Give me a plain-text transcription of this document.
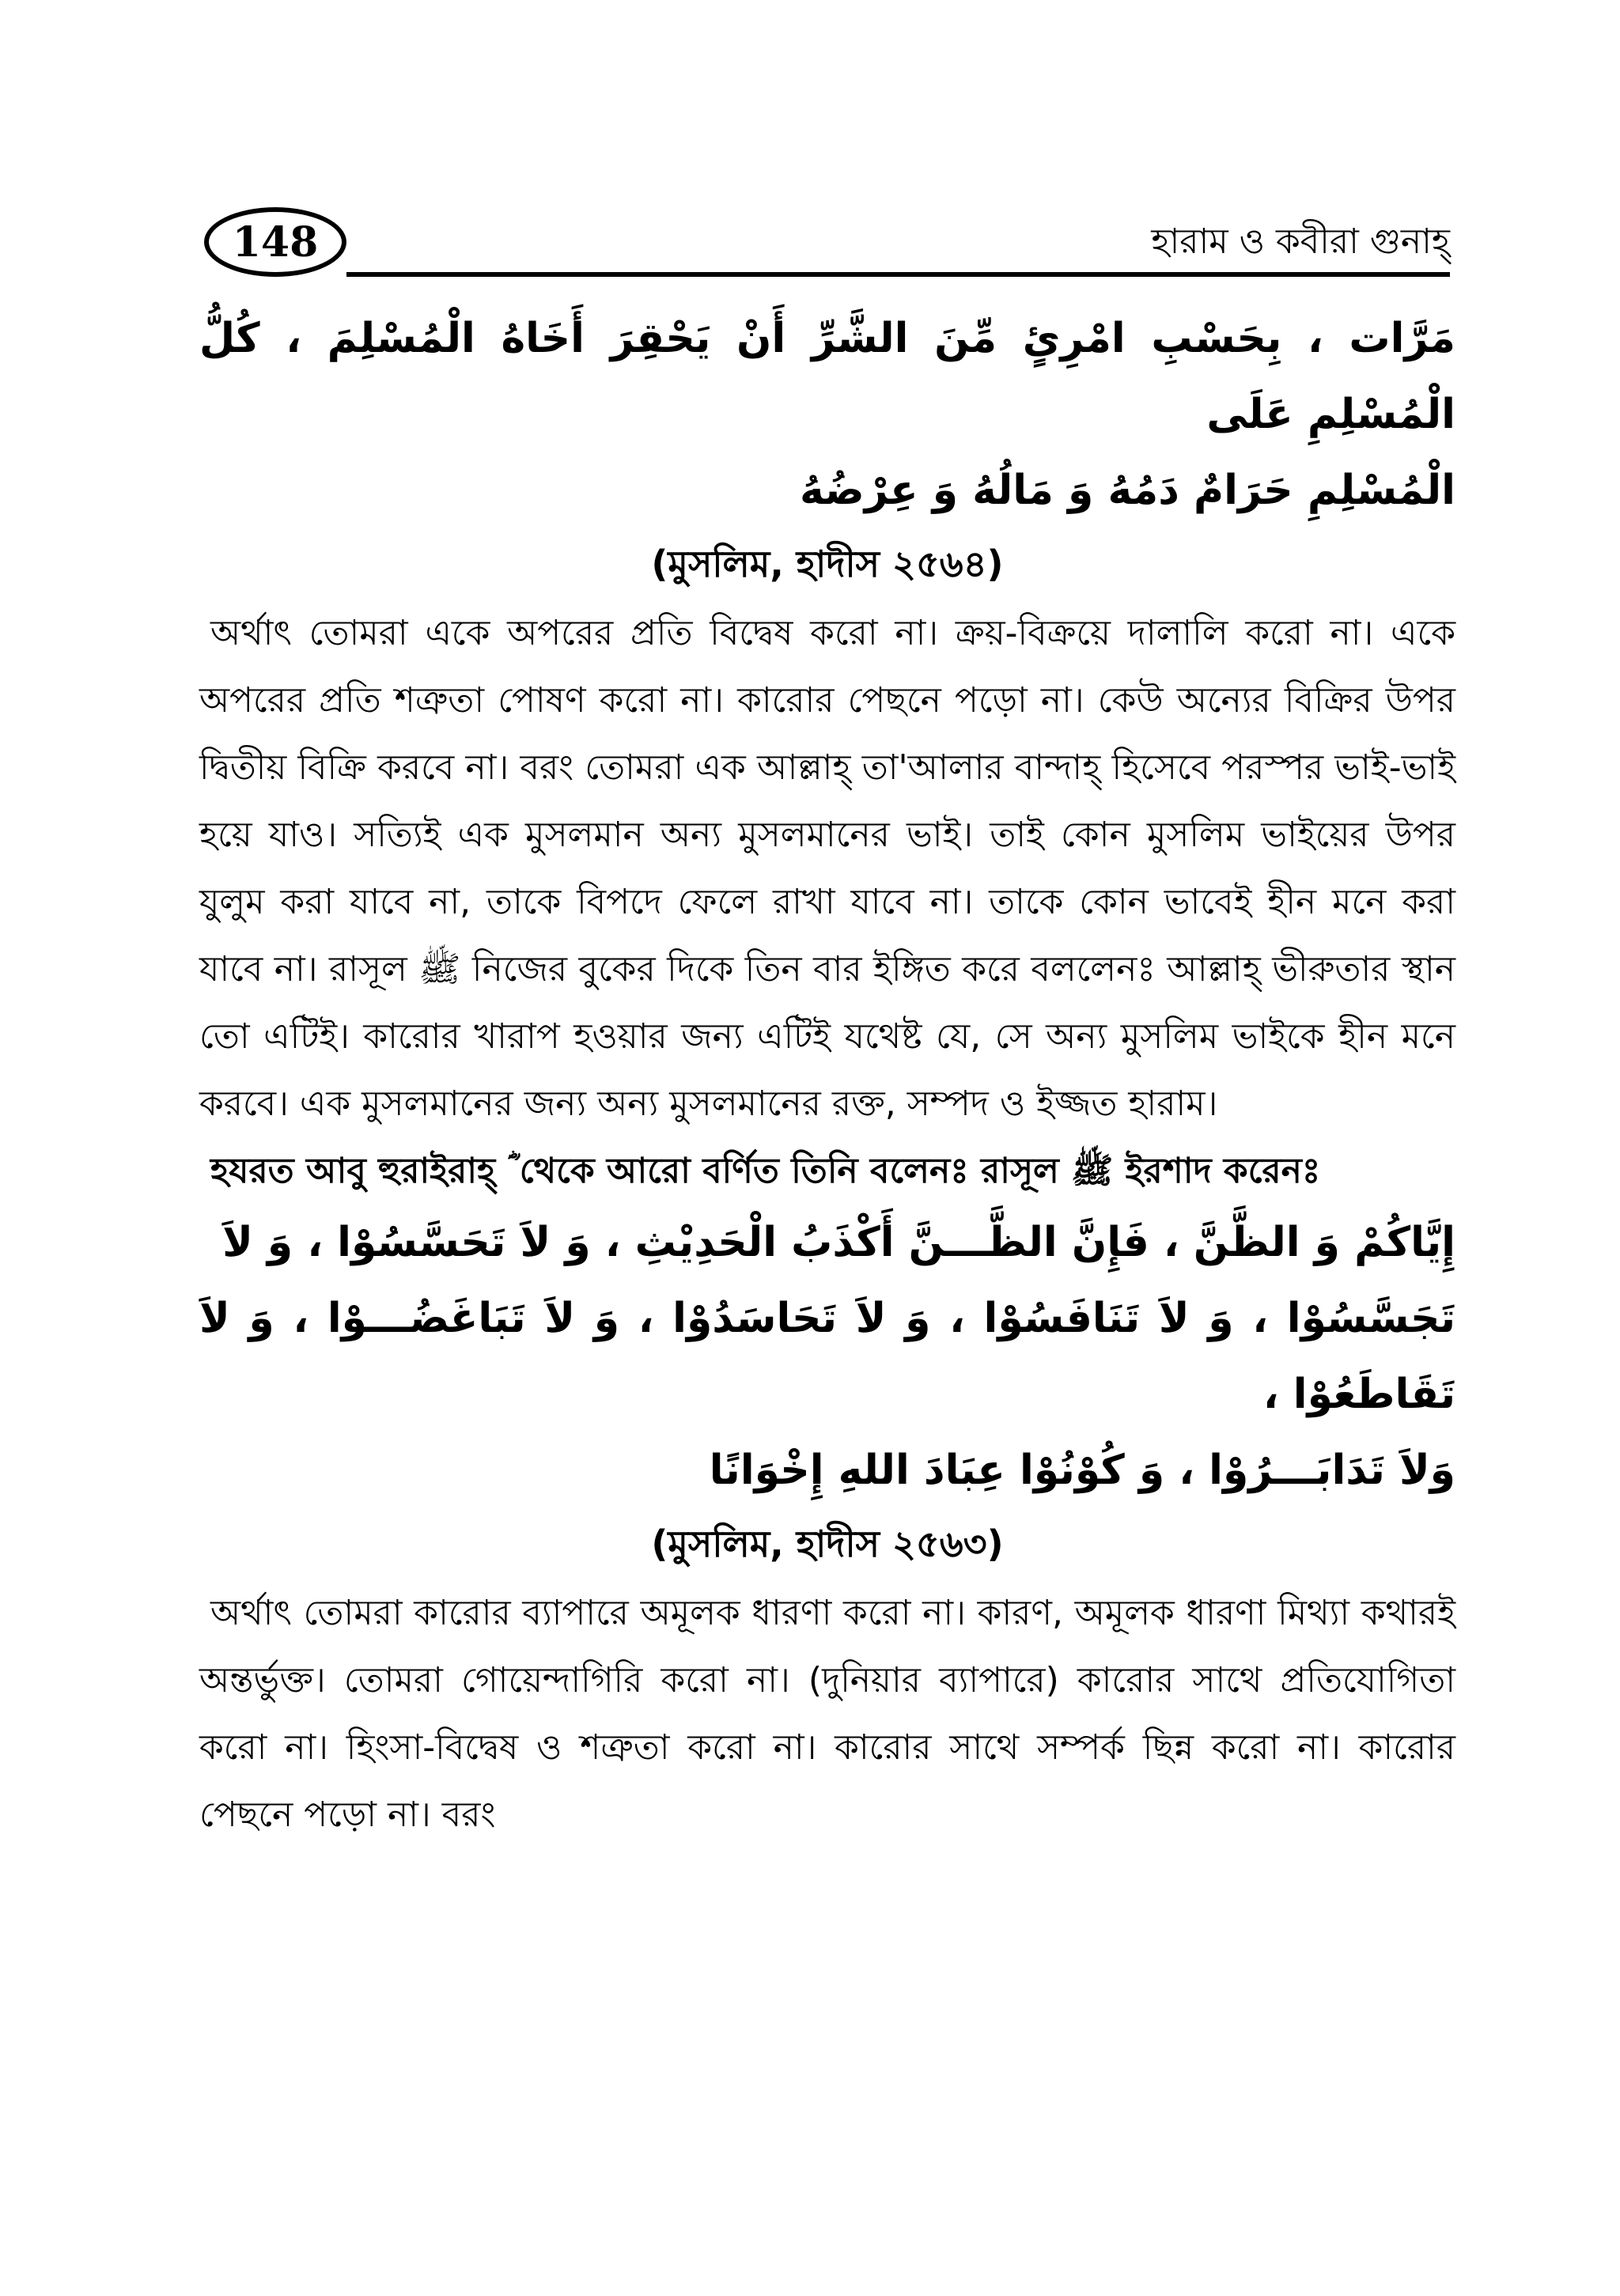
148	হারাম ও কবীরা গুনাহ্

مَرَّات ، بِحَسْبِ امْرِئٍ مِّنَ الشَّرِّ أَنْ يَحْقِرَ أَخَاهُ الْمُسْلِمَ ، كُلُّ الْمُسْلِمِ عَلَى

الْمُسْلِمِ حَرَامٌ دَمُهُ وَ مَالُهُ وَ عِرْضُهُ

(মুসলিম, হাদীস ২৫৬৪)

অর্থাৎ তোমরা একে অপরের প্রতি বিদ্বেষ করো না। ক্রয়-বিক্রয়ে দালালি করো না। একে অপরের প্রতি শত্রুতা পোষণ করো না। কারোর পেছনে পড়ো না। কেউ অন্যের বিক্রির উপর দ্বিতীয় বিক্রি করবে না। বরং তোমরা এক আল্লাহ্ তা'আলার বান্দাহ্ হিসেবে পরস্পর ভাই-ভাই হয়ে যাও। সত্যিই এক মুসলমান অন্য মুসলমানের ভাই। তাই কোন মুসলিম ভাইয়ের উপর যুলুম করা যাবে না, তাকে বিপদে ফেলে রাখা যাবে না। তাকে কোন ভাবেই হীন মনে করা যাবে না। রাসূল ﷺ নিজের বুকের দিকে তিন বার ইঙ্গিত করে বললেনঃ আল্লাহ্ ভীরুতার স্থান তো এটিই। কারোর খারাপ হওয়ার জন্য এটিই যথেষ্ট যে, সে অন্য মুসলিম ভাইকে হীন মনে করবে। এক মুসলমানের জন্য অন্য মুসলমানের রক্ত, সম্পদ ও ইজ্জত হারাম।

হযরত আবু হুরাইরাহ্ ؓ থেকে আরো বর্ণিত তিনি বলেনঃ রাসূল ﷺ ইরশাদ করেনঃ

إِيَّاكُمْ وَ الظَّنَّ ، فَإِنَّ الظَّـــنَّ أَكْذَبُ الْحَدِيْثِ ، وَ لاَ تَحَسَّسُوْا ، وَ لاَ

تَجَسَّسُوْا ، وَ لاَ تَنَافَسُوْا ، وَ لاَ تَحَاسَدُوْا ، وَ لاَ تَبَاغَضُـــوْا ، وَ لاَ تَقَاطَعُوْا ،

وَلاَ تَدَابَـــرُوْا ، وَ كُوْنُوْا عِبَادَ اللهِ إِخْوَانًا

(মুসলিম, হাদীস ২৫৬৩)

অর্থাৎ তোমরা কারোর ব্যাপারে অমূলক ধারণা করো না। কারণ, অমূলক ধারণা মিথ্যা কথারই অন্তর্ভুক্ত। তোমরা গোয়েন্দাগিরি করো না। (দুনিয়ার ব্যাপারে) কারোর সাথে প্রতিযোগিতা করো না। হিংসা-বিদ্বেষ ও শত্রুতা করো না। কারোর সাথে সম্পর্ক ছিন্ন করো না। কারোর পেছনে পড়ো না। বরং
